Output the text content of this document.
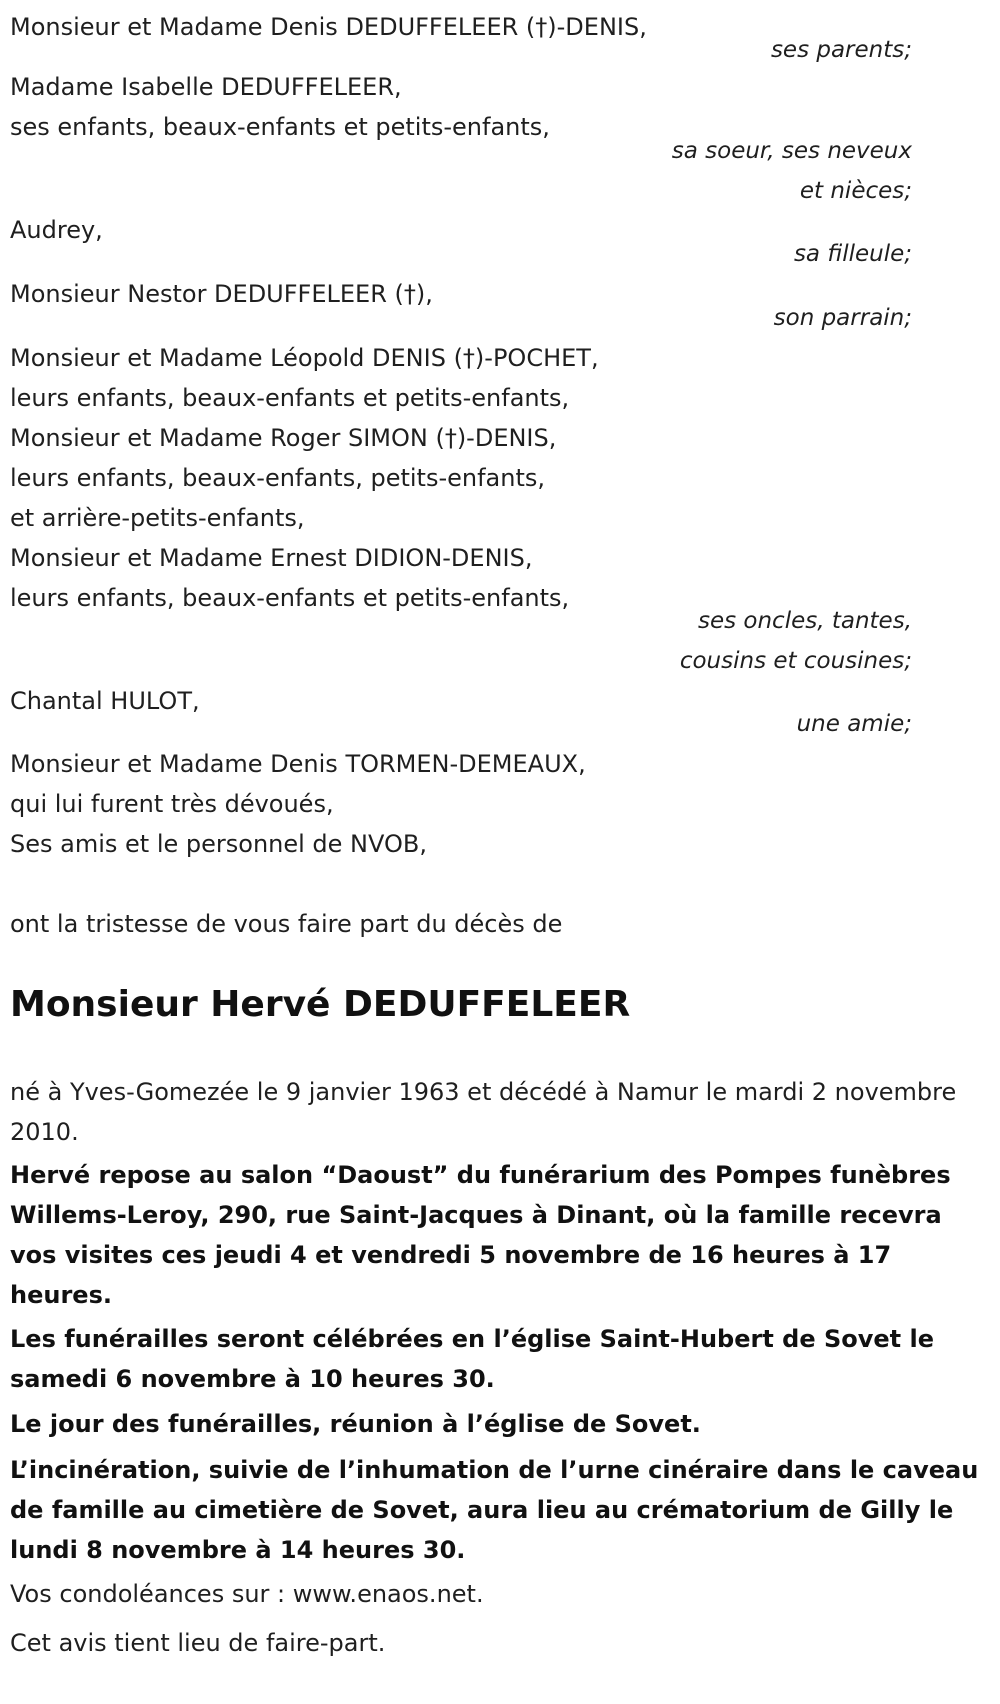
Monsieur et Madame Denis DEDUFFELEER (†)-DENIS,

ses parents;

Madame Isabelle DEDUFFELEER,

ses enfants, beaux-enfants et petits-enfants,

sa soeur, ses neveux

et nièces;

Audrey,

sa filleule;

Monsieur Nestor DEDUFFELEER (†),

son parrain;

Monsieur et Madame Léopold DENIS (†)-POCHET,

leurs enfants, beaux-enfants et petits-enfants,

Monsieur et Madame Roger SIMON (†)-DENIS,

leurs enfants, beaux-enfants, petits-enfants,

et arrière-petits-enfants,

Monsieur et Madame Ernest DIDION-DENIS,

leurs enfants, beaux-enfants et petits-enfants,

ses oncles, tantes,

cousins et cousines;

Chantal HULOT,

une amie;

Monsieur et Madame Denis TORMEN-DEMEAUX,

qui lui furent très dévoués,

Ses amis et le personnel de NVOB,

ont la tristesse de vous faire part du décès de

Monsieur Hervé DEDUFFELEER

né à Yves-Gomezée le 9 janvier 1963 et décédé à Namur le mardi 2 novembre 2010.

Hervé repose au salon “Daoust” du funérarium des Pompes funèbres Willems-Leroy, 290, rue Saint-Jacques à Dinant, où la famille recevra vos visites ces jeudi 4 et vendredi 5 novembre de 16 heures à 17 heures.

Les funérailles seront célébrées en l’église Saint-Hubert de Sovet le samedi 6 novembre à 10 heures 30.

Le jour des funérailles, réunion à l’église de Sovet.

L’incinération, suivie de l’inhumation de l’urne cinéraire dans le caveau de famille au cimetière de Sovet, aura lieu au crématorium de Gilly le lundi 8 novembre à 14 heures 30.

Vos condoléances sur : www.enaos.net.

Cet avis tient lieu de faire-part.
